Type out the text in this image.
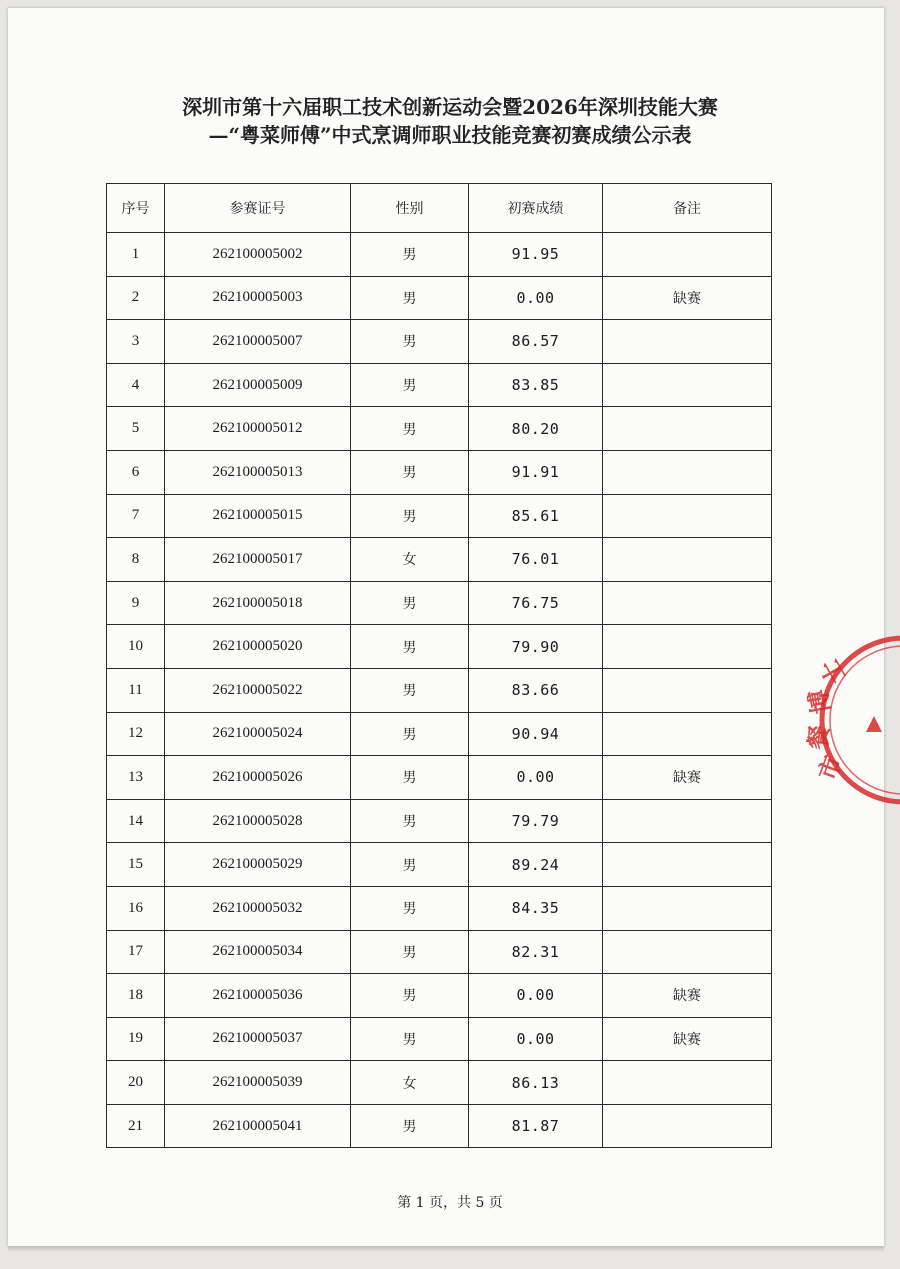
深圳市第十六届职工技术创新运动会暨2026年深圳技能大赛
—“粤菜师傅”中式烹调师职业技能竞赛初赛成绩公示表
序号	参赛证号	性别	初赛成绩	备注
1	262100005002	男	91.95	
2	262100005003	男	0.00	缺赛
3	262100005007	男	86.57	
4	262100005009	男	83.85	
5	262100005012	男	80.20	
6	262100005013	男	91.91	
7	262100005015	男	85.61	
8	262100005017	女	76.01	
9	262100005018	男	76.75	
10	262100005020	男	79.90	
11	262100005022	男	83.66	
12	262100005024	男	90.94	
13	262100005026	男	0.00	缺赛
14	262100005028	男	79.79	
15	262100005029	男	89.24	
16	262100005032	男	84.35	
17	262100005034	男	82.31	
18	262100005036	男	0.00	缺赛
19	262100005037	男	0.00	缺赛
20	262100005039	女	86.13	
21	262100005041	男	81.87	
第 1 页，共 5 页
市
餐
博
士
